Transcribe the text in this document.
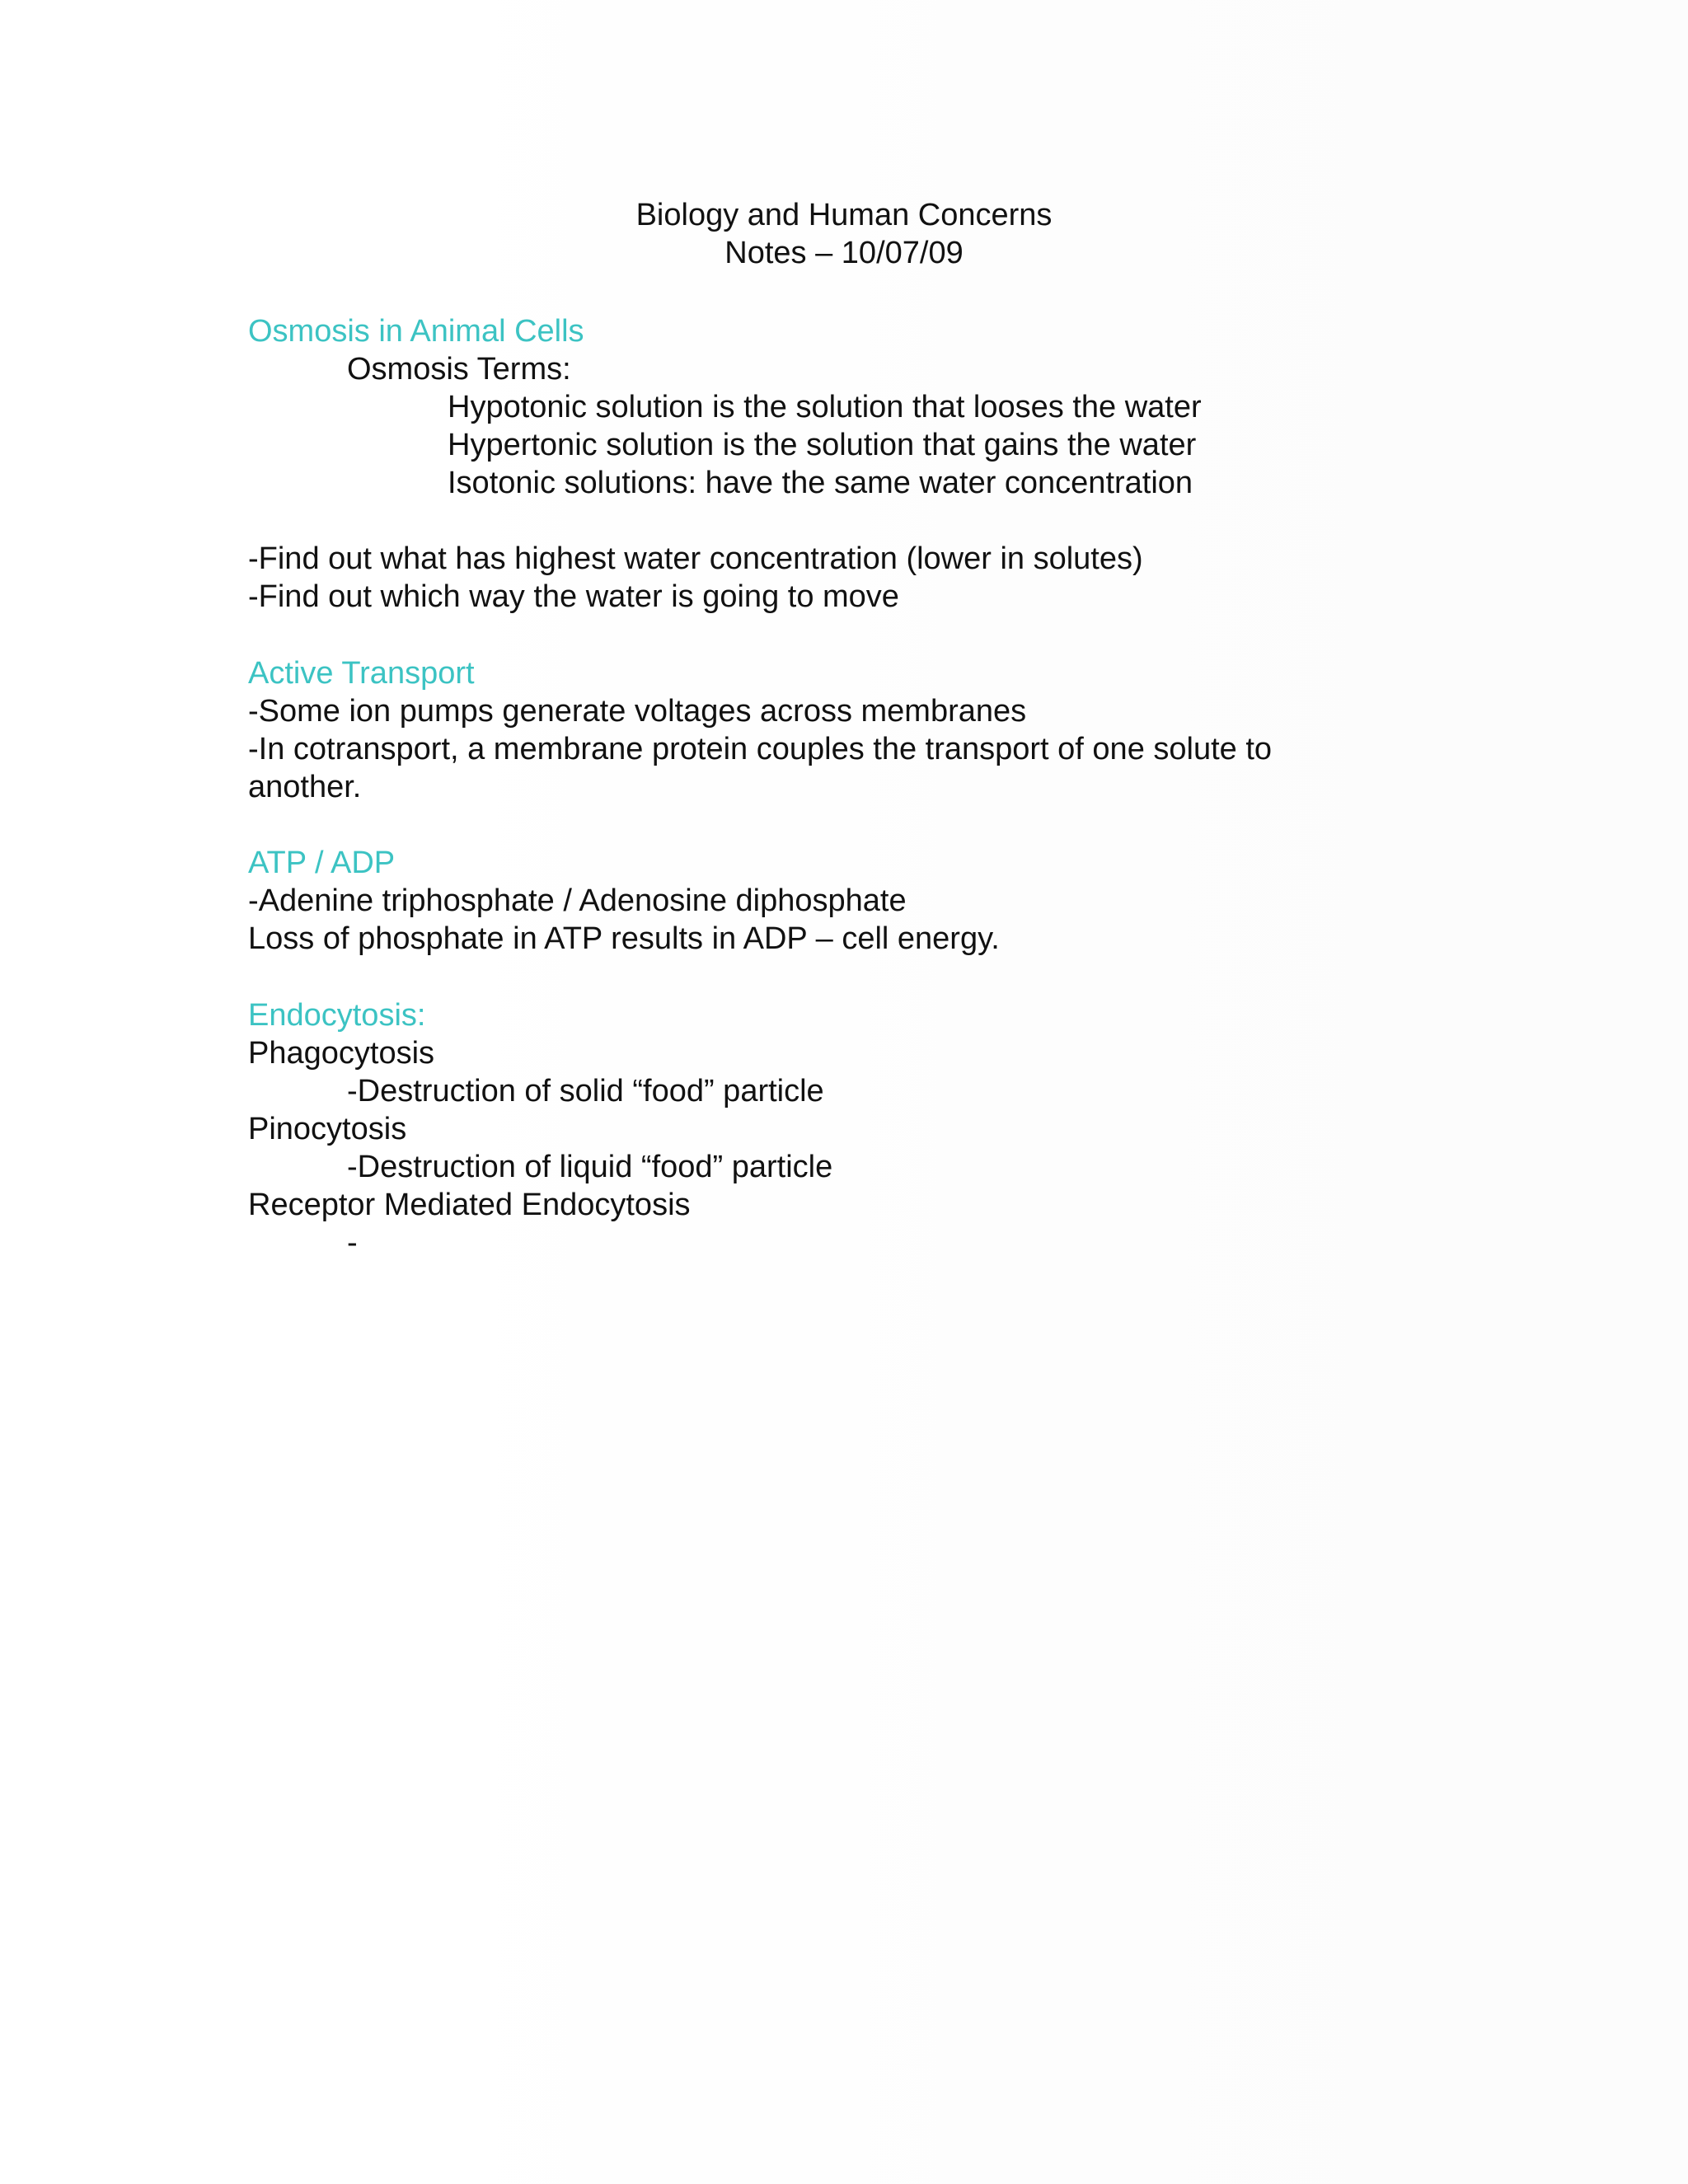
Biology and Human Concerns
Notes – 10/07/09
Osmosis in Animal Cells
Osmosis Terms:
Hypotonic solution is the solution that looses the water
Hypertonic solution is the solution that gains the water
Isotonic solutions: have the same water concentration
-Find out what has highest water concentration (lower in solutes)
-Find out which way the water is going to move
Active Transport
-Some ion pumps generate voltages across membranes
-In cotransport, a membrane protein couples the transport of one solute to
another.
ATP / ADP
-Adenine triphosphate / Adenosine diphosphate
Loss of phosphate in ATP results in ADP – cell energy.
Endocytosis:
Phagocytosis
-Destruction of solid “food” particle
Pinocytosis
-Destruction of liquid “food” particle
Receptor Mediated Endocytosis
-
